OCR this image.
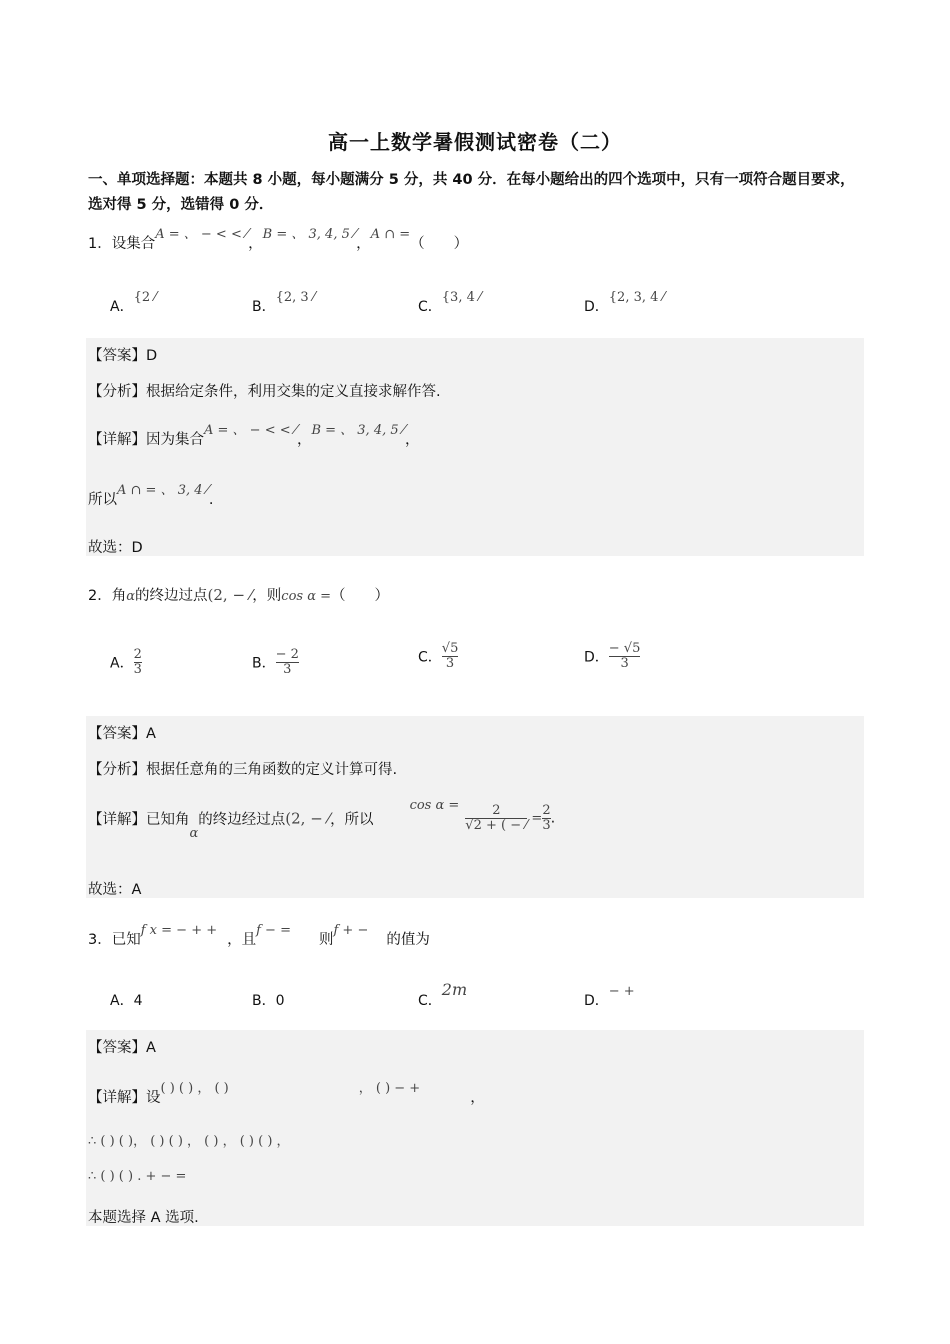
高一上数学暑假测试密卷（二）
一、单项选择题：本题共 8 小题，每小题满分 5 分，共 40 分．在每小题给出的四个选项中，只有一项符合题目要求，选对得 5 分，选错得 0 分．
1．设集合A = 、 − < < ⁄，B = 、 3, 4, 5 ⁄，A ∩ =（　　）
A．{2 ⁄
B．{2, 3 ⁄
C．{3, 4 ⁄
D．{2, 3, 4 ⁄
【答案】D
【分析】根据给定条件，利用交集的定义直接求解作答.
【详解】因为集合A = 、 − < < ⁄，B = 、 3, 4, 5 ⁄，
所以A ∩ = 、 3, 4 ⁄.
故选：D
2．角α的终边过点(2, − ⁄，则cos α =（　　）
A．$\frac{2}{3}$	B．$\frac{- 2}{3}$	C．$\frac{√5}{3}$	D．$\frac{- √5}{3}$
【答案】A
【分析】根据任意角的三角函数的定义计算可得.
【详解】已知角α的终边经过点(2, − ⁄，所以$\cos \alpha = \frac{2}{√2 + ( - ⁄} =\frac{2}{3}$ .
故选：A
3．已知f x = − + +，且f − =则f + −的值为
A．4	B．0	C．2m
D．− +
【答案】A
【详解】设( ) ( ) ， ( )	， ( ) − +，
∴ ( ) ( )， ( ) ( ) ， ( ) ， ( ) ( ) ，
∴ ( ) ( ) . + − =
本题选择 A 选项.
